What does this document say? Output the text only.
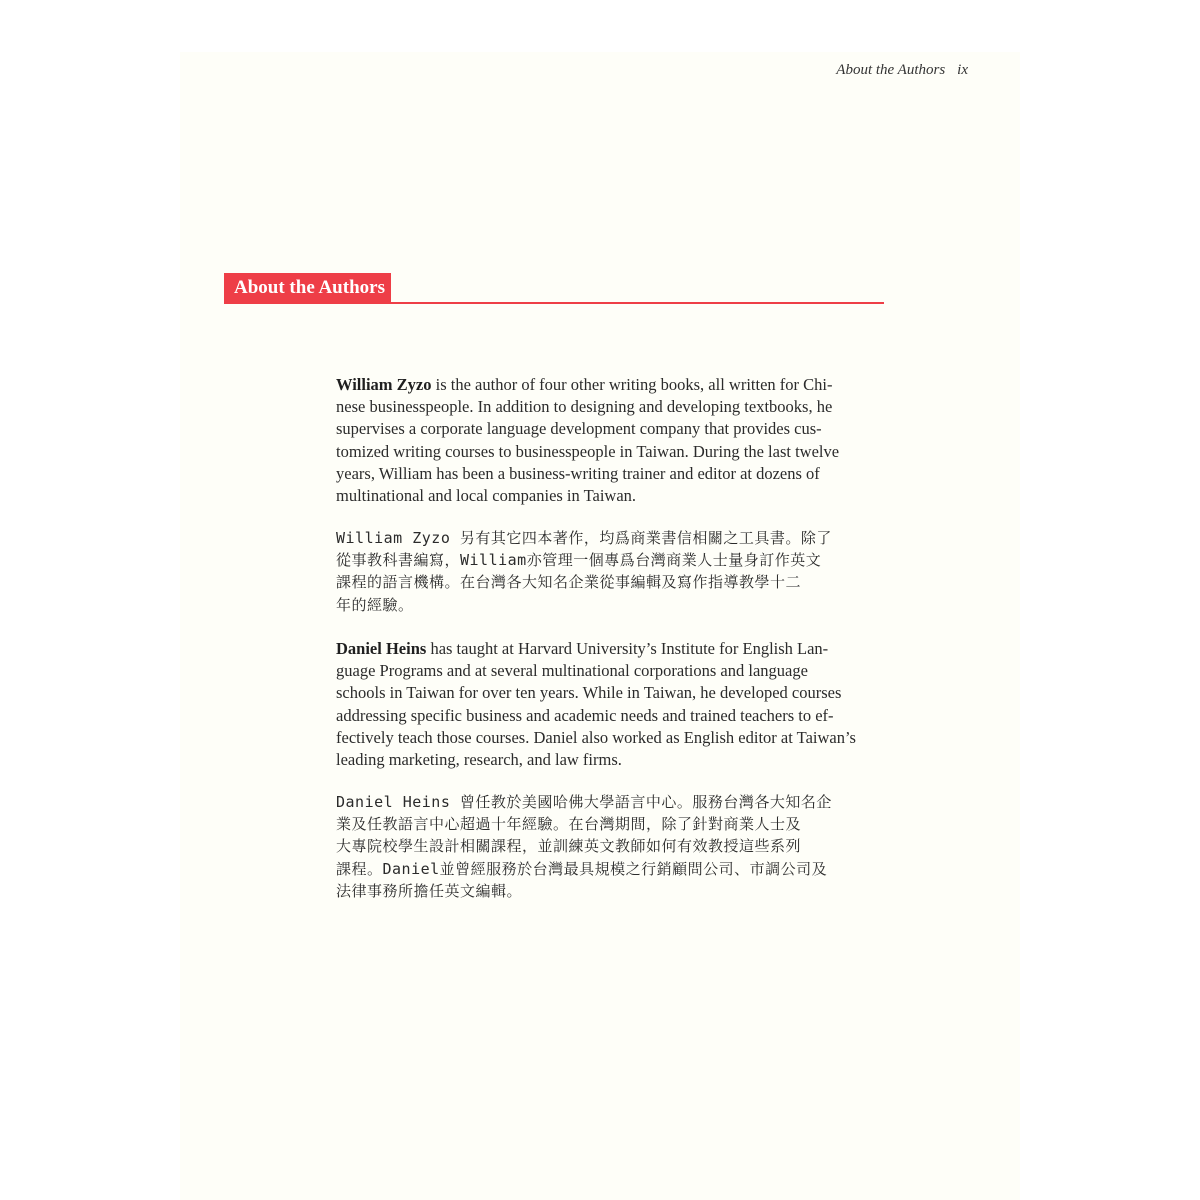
About the Authors ix
About the Authors
William Zyzo is the author of four other writing books, all written for Chi-
nese businesspeople. In addition to designing and developing textbooks, he
supervises a corporate language development company that provides cus-
tomized writing courses to businesspeople in Taiwan. During the last twelve
years, William has been a business-writing trainer and editor at dozens of
multinational and local companies in Taiwan.
William Zyzo 另有其它四本著作，均爲商業書信相關之工具書。除了
從事教科書編寫，William亦管理一個專爲台灣商業人士量身訂作英文
課程的語言機構。在台灣各大知名企業從事編輯及寫作指導教學十二
年的經驗。
Daniel Heins has taught at Harvard University’s Institute for English Lan-
guage Programs and at several multinational corporations and language
schools in Taiwan for over ten years. While in Taiwan, he developed courses
addressing specific business and academic needs and trained teachers to ef-
fectively teach those courses. Daniel also worked as English editor at Taiwan’s
leading marketing, research, and law firms.
Daniel Heins 曾任教於美國哈佛大學語言中心。服務台灣各大知名企
業及任教語言中心超過十年經驗。在台灣期間，除了針對商業人士及
大專院校學生設計相關課程，並訓練英文教師如何有效教授這些系列
課程。Daniel並曾經服務於台灣最具規模之行銷顧問公司、市調公司及
法律事務所擔任英文編輯。
